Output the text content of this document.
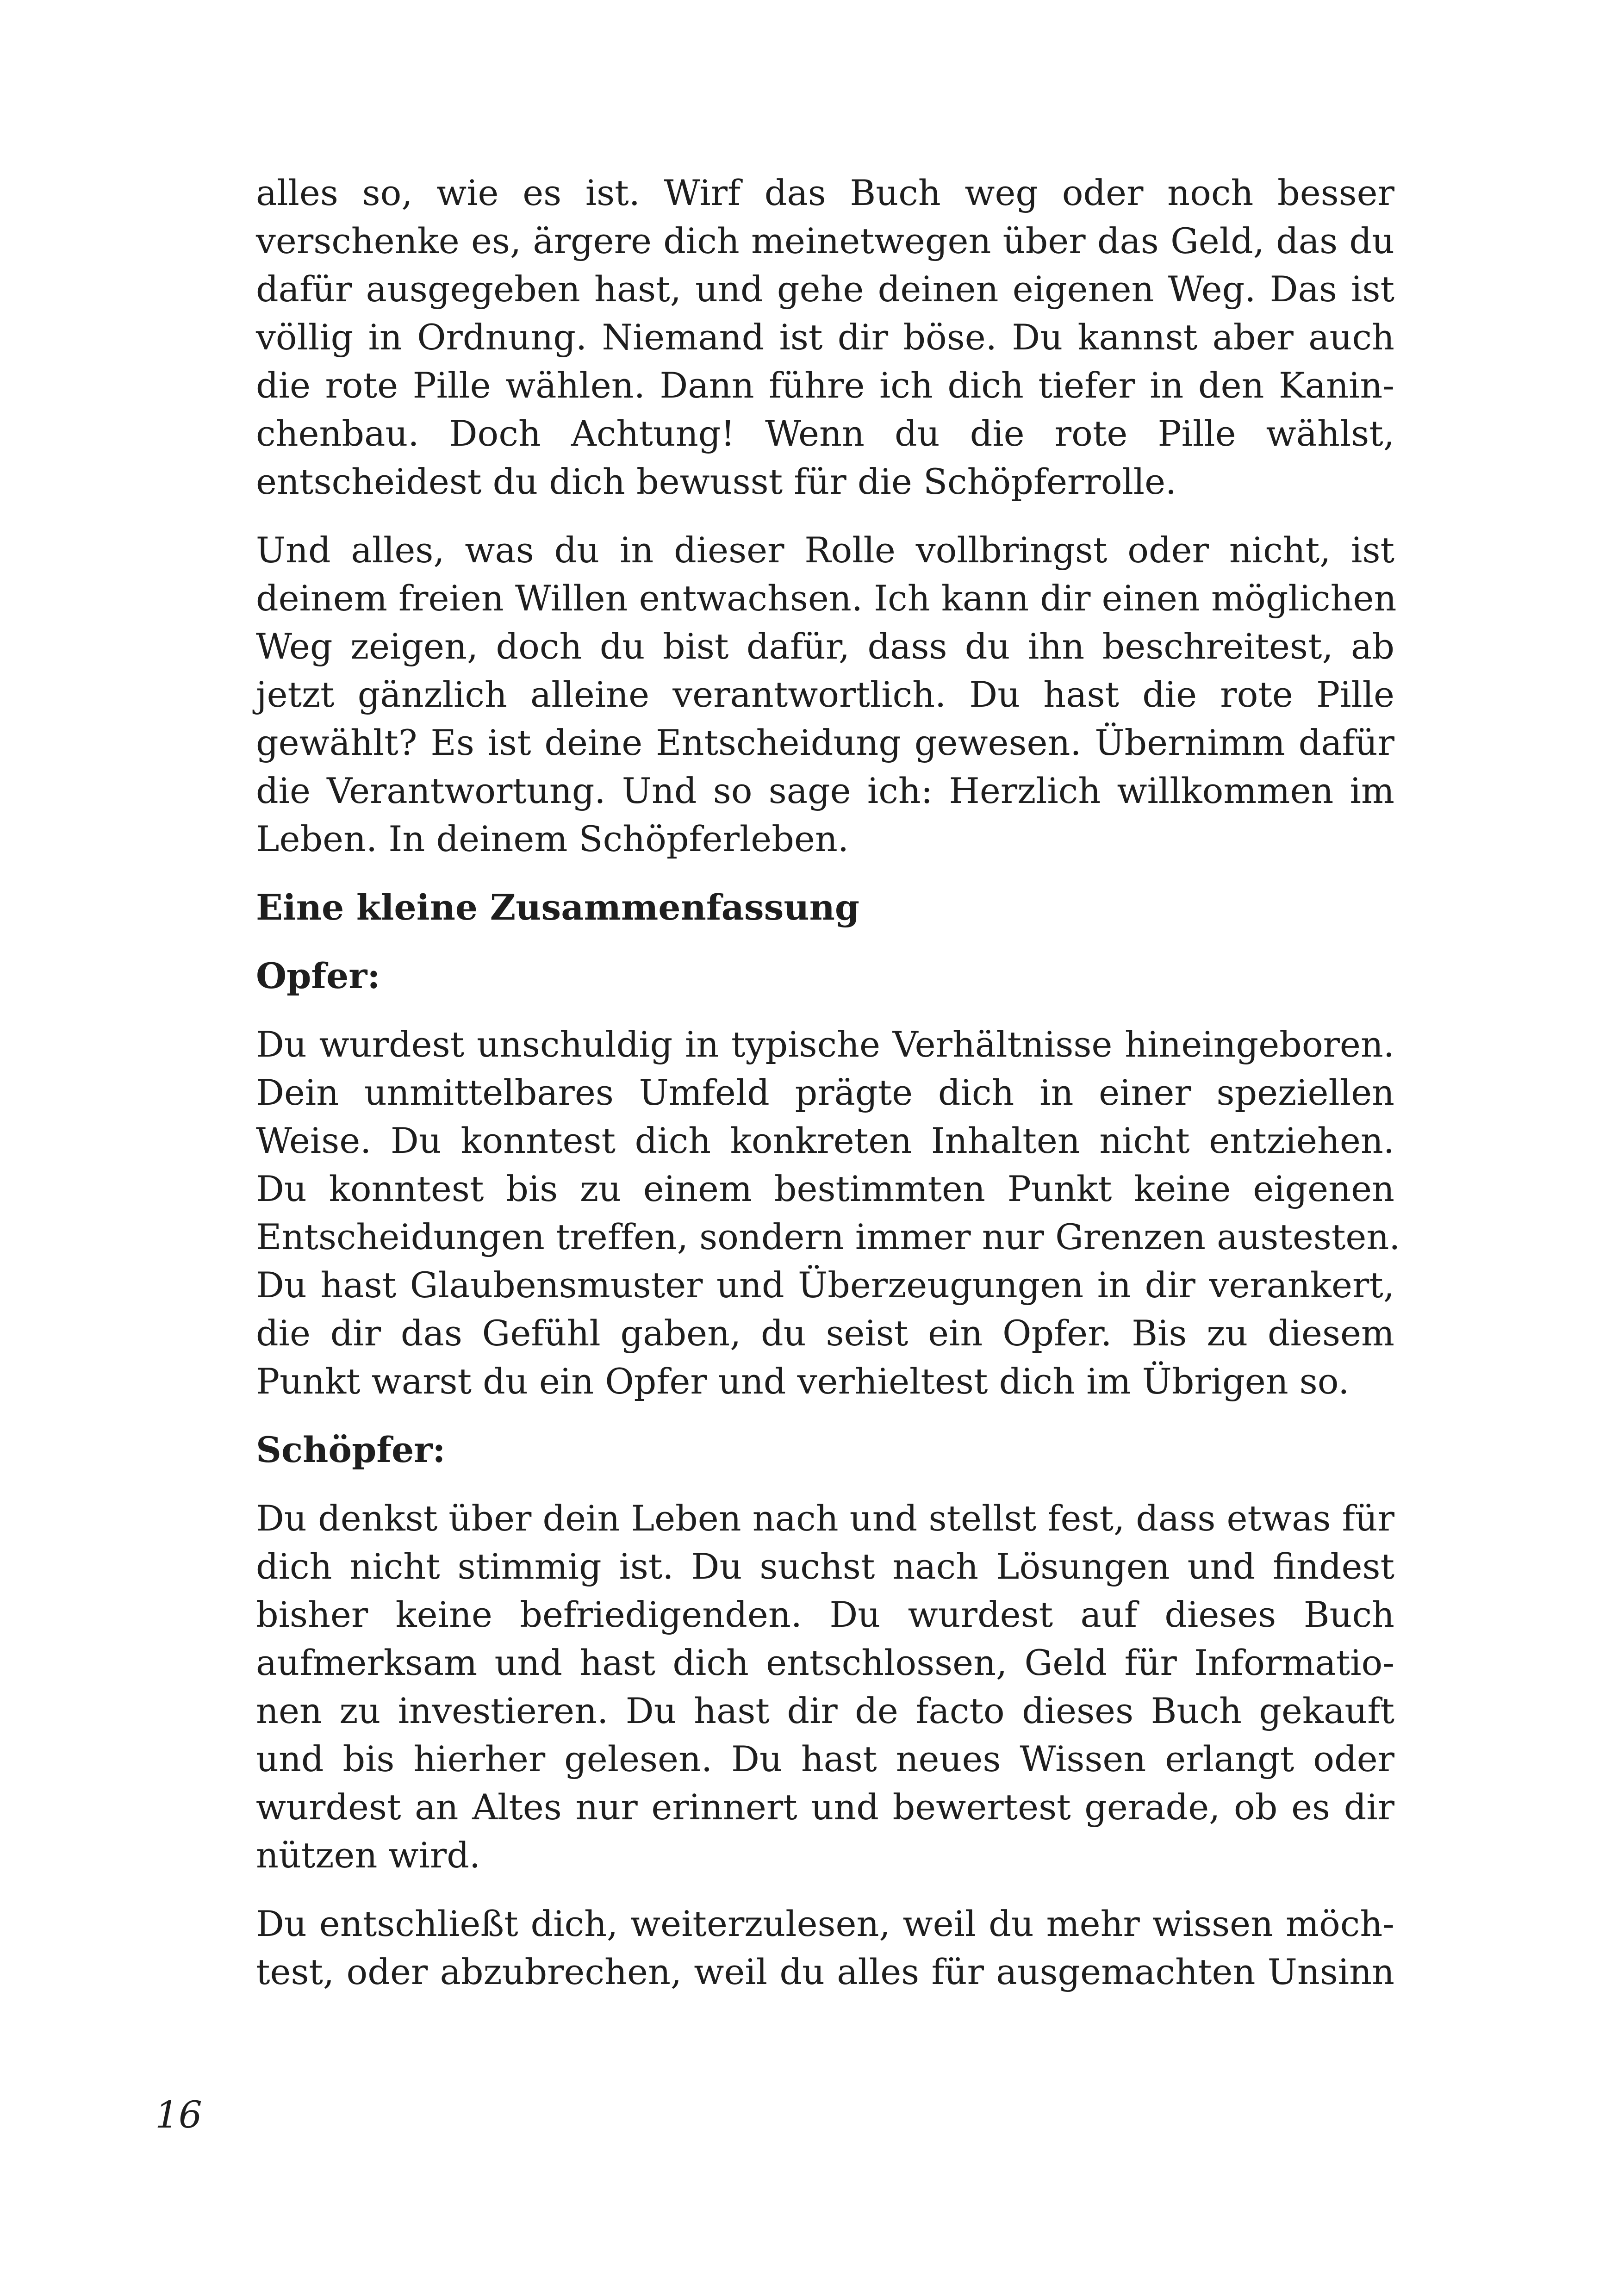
alles so, wie es ist. Wirf das Buch weg oder noch besser
verschenke es, ärgere dich meinetwegen über das Geld, das du
dafür ausgegeben hast, und gehe deinen eigenen Weg. Das ist
völlig in Ordnung. Niemand ist dir böse. Du kannst aber auch
die rote Pille wählen. Dann führe ich dich tiefer in den Kanin-
chenbau. Doch Achtung! Wenn du die rote Pille wählst,
entscheidest du dich bewusst für die Schöpferrolle.

Und alles, was du in dieser Rolle vollbringst oder nicht, ist
deinem freien Willen entwachsen. Ich kann dir einen möglichen
Weg zeigen, doch du bist dafür, dass du ihn beschreitest, ab
jetzt gänzlich alleine verantwortlich. Du hast die rote Pille
gewählt? Es ist deine Entscheidung gewesen. Übernimm dafür
die Verantwortung. Und so sage ich: Herzlich willkommen im
Leben. In deinem Schöpferleben.

Eine kleine Zusammenfassung
Opfer:

Du wurdest unschuldig in typische Verhältnisse hineingeboren.
Dein unmittelbares Umfeld prägte dich in einer speziellen
Weise. Du konntest dich konkreten Inhalten nicht entziehen.
Du konntest bis zu einem bestimmten Punkt keine eigenen
Entscheidungen treffen, sondern immer nur Grenzen austesten.
Du hast Glaubensmuster und Überzeugungen in dir verankert,
die dir das Gefühl gaben, du seist ein Opfer. Bis zu diesem
Punkt warst du ein Opfer und verhieltest dich im Übrigen so.

Schöpfer:

Du denkst über dein Leben nach und stellst fest, dass etwas für
dich nicht stimmig ist. Du suchst nach Lösungen und findest
bisher keine befriedigenden. Du wurdest auf dieses Buch
aufmerksam und hast dich entschlossen, Geld für Informatio-
nen zu investieren. Du hast dir de facto dieses Buch gekauft
und bis hierher gelesen. Du hast neues Wissen erlangt oder
wurdest an Altes nur erinnert und bewertest gerade, ob es dir
nützen wird.

Du entschließt dich, weiterzulesen, weil du mehr wissen möch-
test, oder abzubrechen, weil du alles für ausgemachten Unsinn

16
